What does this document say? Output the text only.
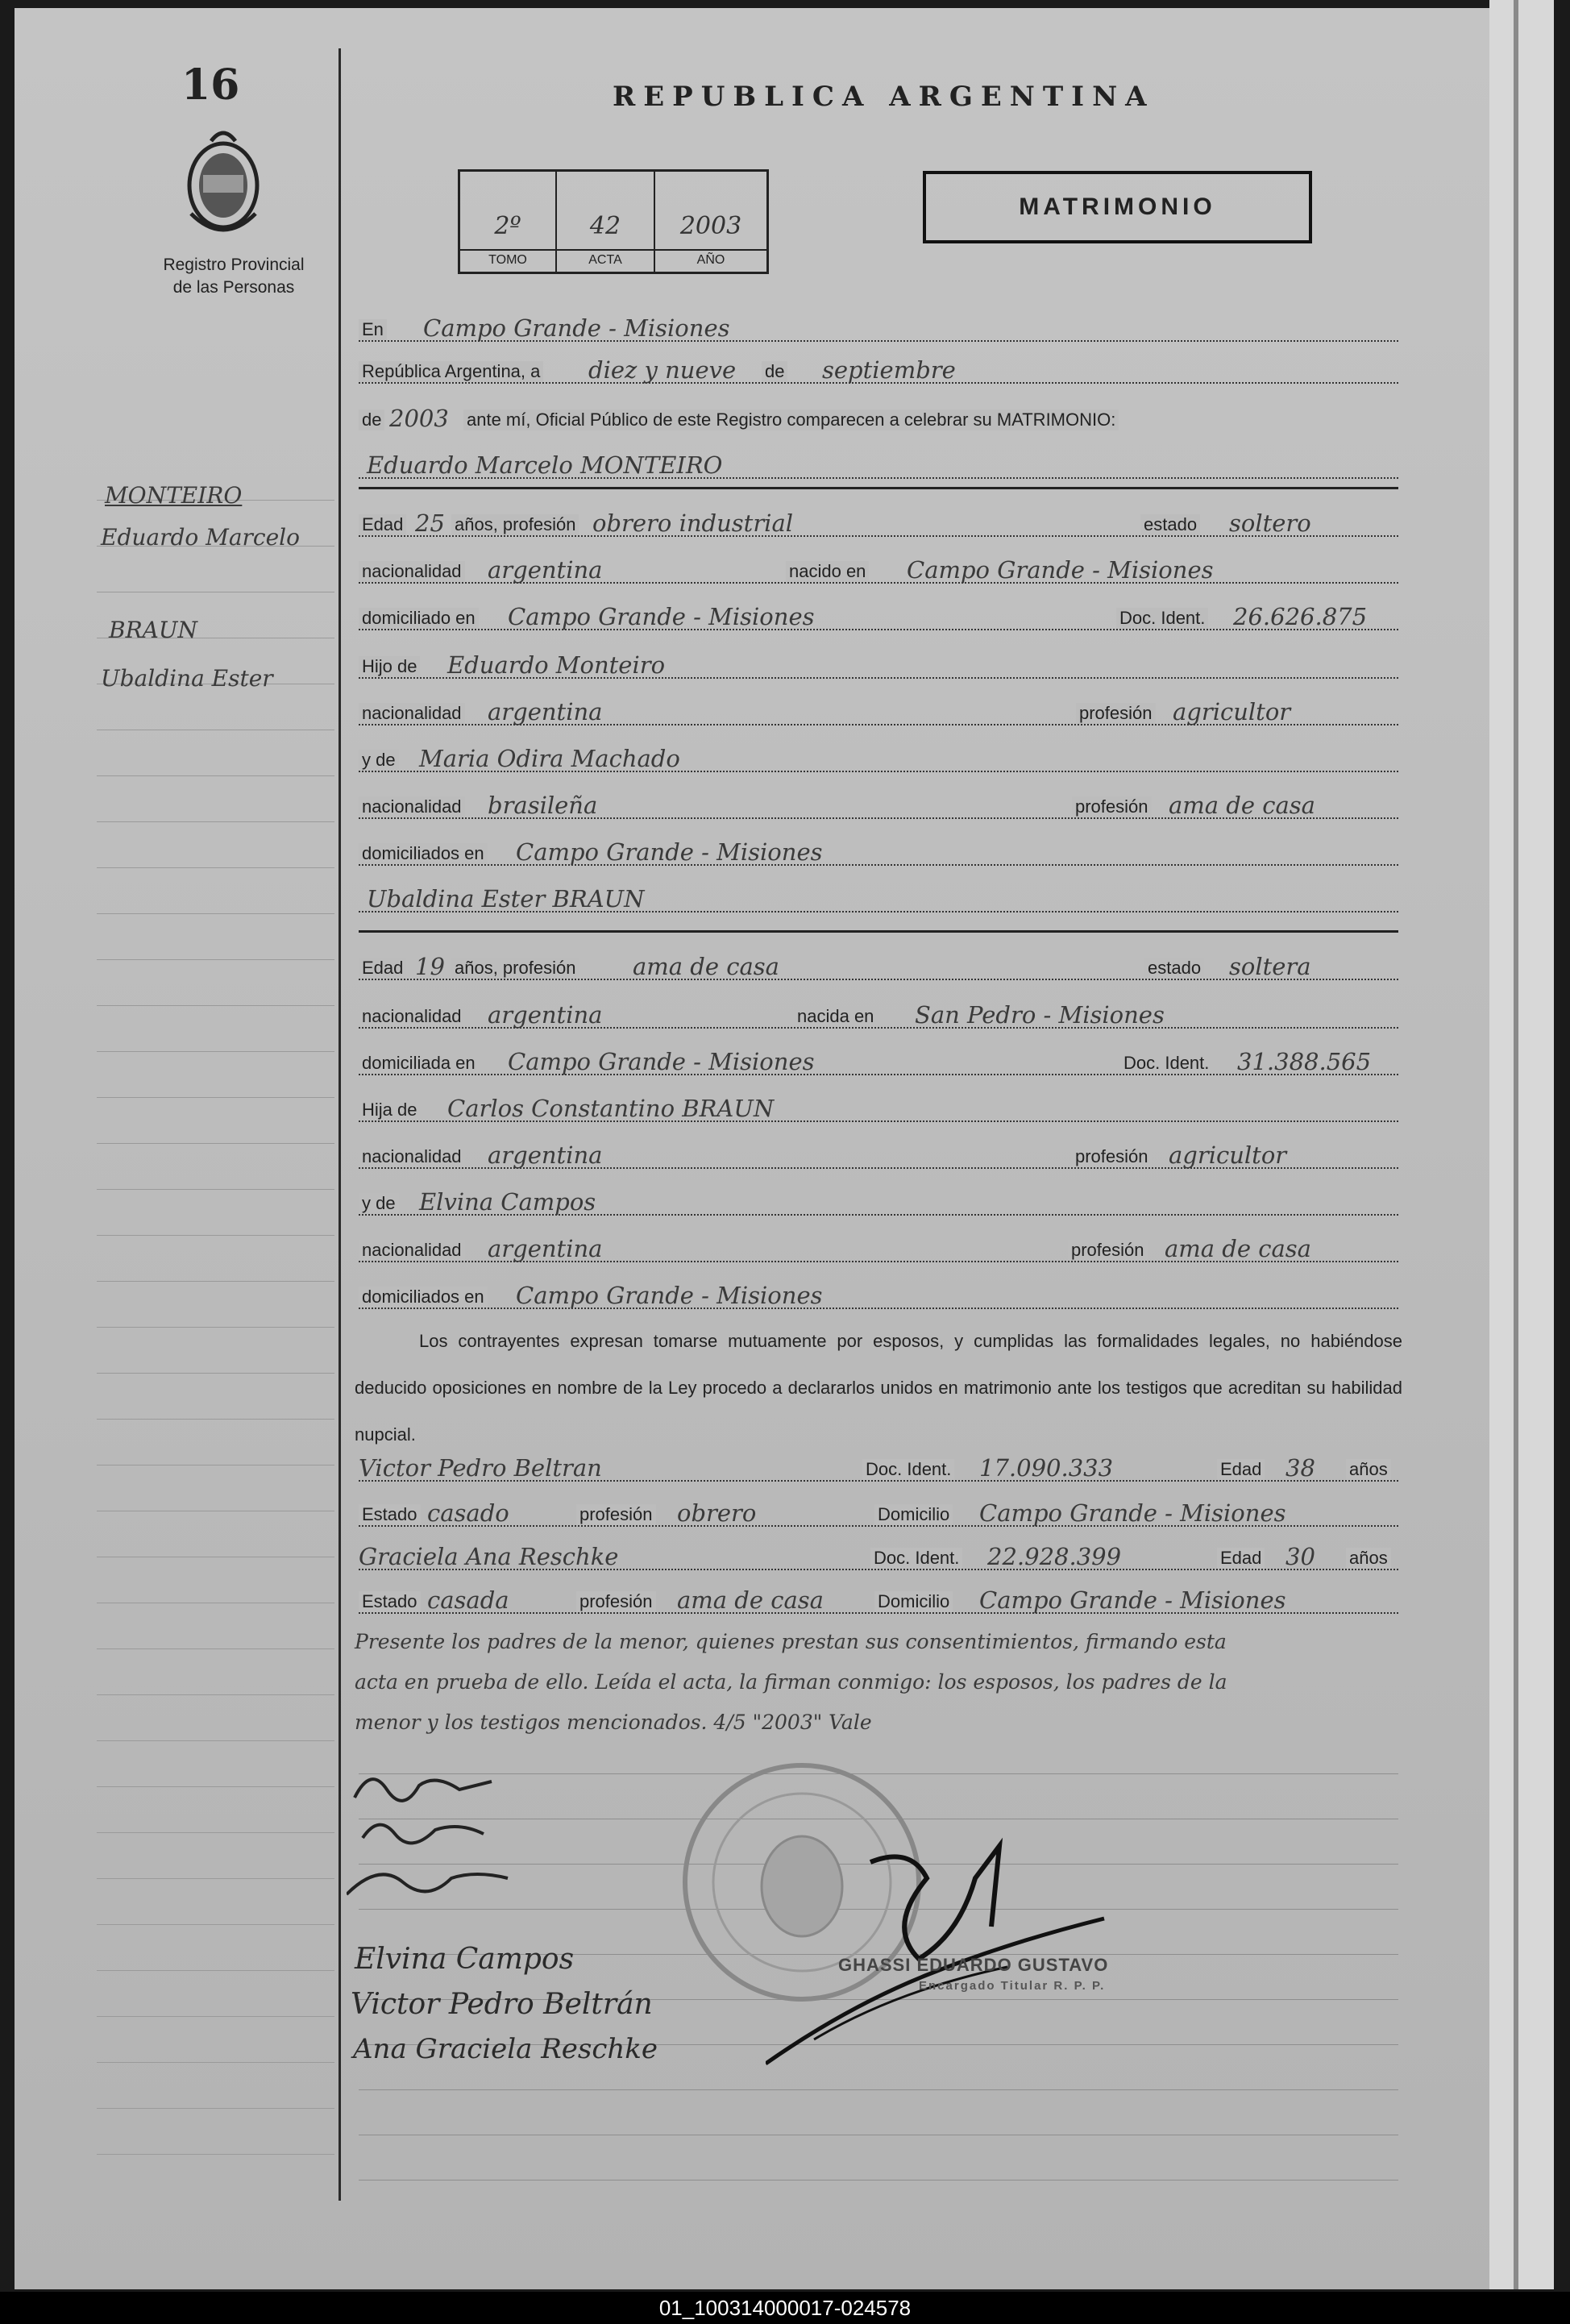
16
Registro Provincial
de las Personas
REPUBLICA ARGENTINA
2º
TOMO
42
ACTA
2003
AÑO
MATRIMONIO
MONTEIRO
Eduardo Marcelo
BRAUN
Ubaldina Ester
En Campo Grande - Misiones
República Argentina, a diez y nueve de septiembre
de 2003 ante mí, Oficial Público de este Registro comparecen a celebrar su MATRIMONIO:
Eduardo Marcelo MONTEIRO
Edad 25 años, profesión obrero industrial	estado soltero
nacionalidad argentina	nacido en Campo Grande - Misiones
domiciliado en Campo Grande - Misiones	Doc. Ident. 26.626.875
Hijo de Eduardo Monteiro
nacionalidad argentina	profesión agricultor
y de Maria Odira Machado
nacionalidad brasileña	profesión ama de casa
domiciliados en Campo Grande - Misiones
Ubaldina Ester BRAUN
Edad 19 años, profesión ama de casa	estado soltera
nacionalidad argentina	nacida en San Pedro - Misiones
domiciliada en Campo Grande - Misiones	Doc. Ident. 31.388.565
Hija de Carlos Constantino BRAUN
nacionalidad argentina	profesión agricultor
y de Elvina Campos
nacionalidad argentina	profesión ama de casa
domiciliados en Campo Grande - Misiones
Los contrayentes expresan tomarse mutuamente por esposos, y cumplidas las formalidades legales, no habiéndose deducido oposiciones en nombre de la Ley procedo a declararlos unidos en matrimonio ante los testigos que acreditan su habilidad nupcial.
Victor Pedro Beltran	Doc. Ident. 17.090.333	Edad 38 años
Estado casado	profesión obrero	Domicilio Campo Grande - Misiones
Graciela Ana Reschke	Doc. Ident. 22.928.399	Edad 30 años
Estado casada	profesión ama de casa	Domicilio Campo Grande - Misiones
Presente los padres de la menor, quienes prestan sus consentimientos, firmando esta
acta en prueba de ello. Leída el acta, la firman conmigo: los esposos, los padres de la
menor y los testigos mencionados. 4/5 "2003" Vale
Elvina Campos
Victor Pedro Beltrán
Ana Graciela Reschke
GHASSI EDUARDO GUSTAVO
Encargado Titular R. P. P.
01_100314000017-024578
